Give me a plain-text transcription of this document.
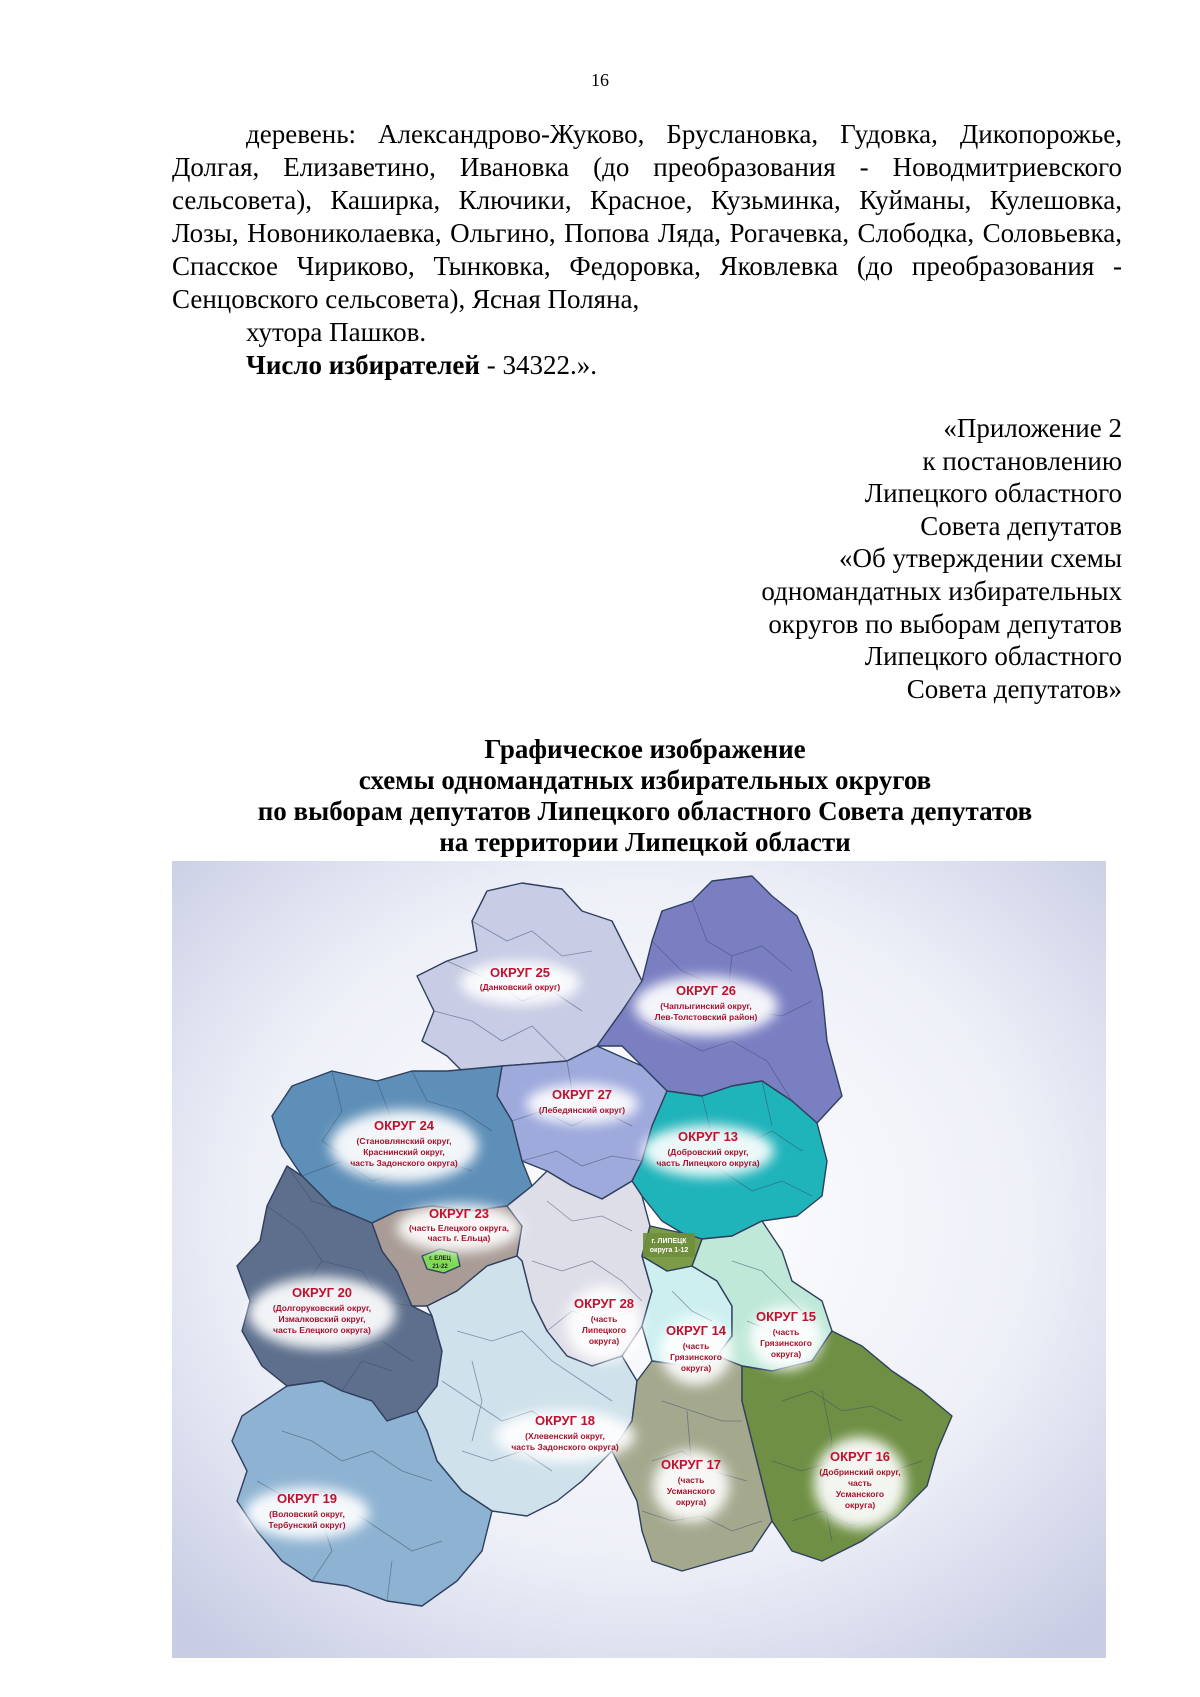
16

деревень: Александрово-Жуково, Бруслановка, Гудовка, Дикопорожье, Долгая, Елизаветино, Ивановка (до преобразования - Новодмитриевского сельсовета), Каширка, Ключики, Красное, Кузьминка, Куйманы, Кулешовка, Лозы, Новониколаевка, Ольгино, Попова Ляда, Рогачевка, Слободка, Соловьевка, Спасское Чириково, Тынковка, Федоровка, Яковлевка (до преобразования - Сенцовского сельсовета), Ясная Поляна,

хутора Пашков.

Число избирателей - 34322.».

«Приложение 2
к постановлению
Липецкого областного
Совета депутатов
«Об утверждении схемы
одномандатных избирательных
округов по выборам депутатов
Липецкого областного
Совета депутатов»
Графическое изображение
схемы одномандатных избирательных округов
по выборам депутатов Липецкого областного Совета депутатов
на территории Липецкой области
г. ЛИПЕЦК
округа 1-12
г. ЕЛЕЦ
21-22
ОКРУГ 25
(Данковский округ)	ОКРУГ 26
(Чаплыгинский округ,
Лев-Толстовский район)
ОКРУГ 27
(Лебедянский округ)
ОКРУГ 24
(Становлянский округ,
Краснинский округ,
часть Задонского округа)
ОКРУГ 13
(Добровский округ,
часть Липецкого округа)
ОКРУГ 23
(часть Елецкого округа,
часть г. Ельца)
ОКРУГ 20
(Долгоруковский округ,
Измалковский округ,
часть Елецкого округа)
ОКРУГ 28
(часть
Липецкого
округа)
ОКРУГ 14
(часть
Грязинского
округа)
ОКРУГ 15
(часть
Грязинского
округа)
ОКРУГ 18
(Хлевенский округ,
часть Задонского округа)
ОКРУГ 17
(часть
Усманского
округа)
ОКРУГ 16
(Добринский округ,
часть
Усманского
округа)
ОКРУГ 19
(Воловский округ,
Тербунский округ)
